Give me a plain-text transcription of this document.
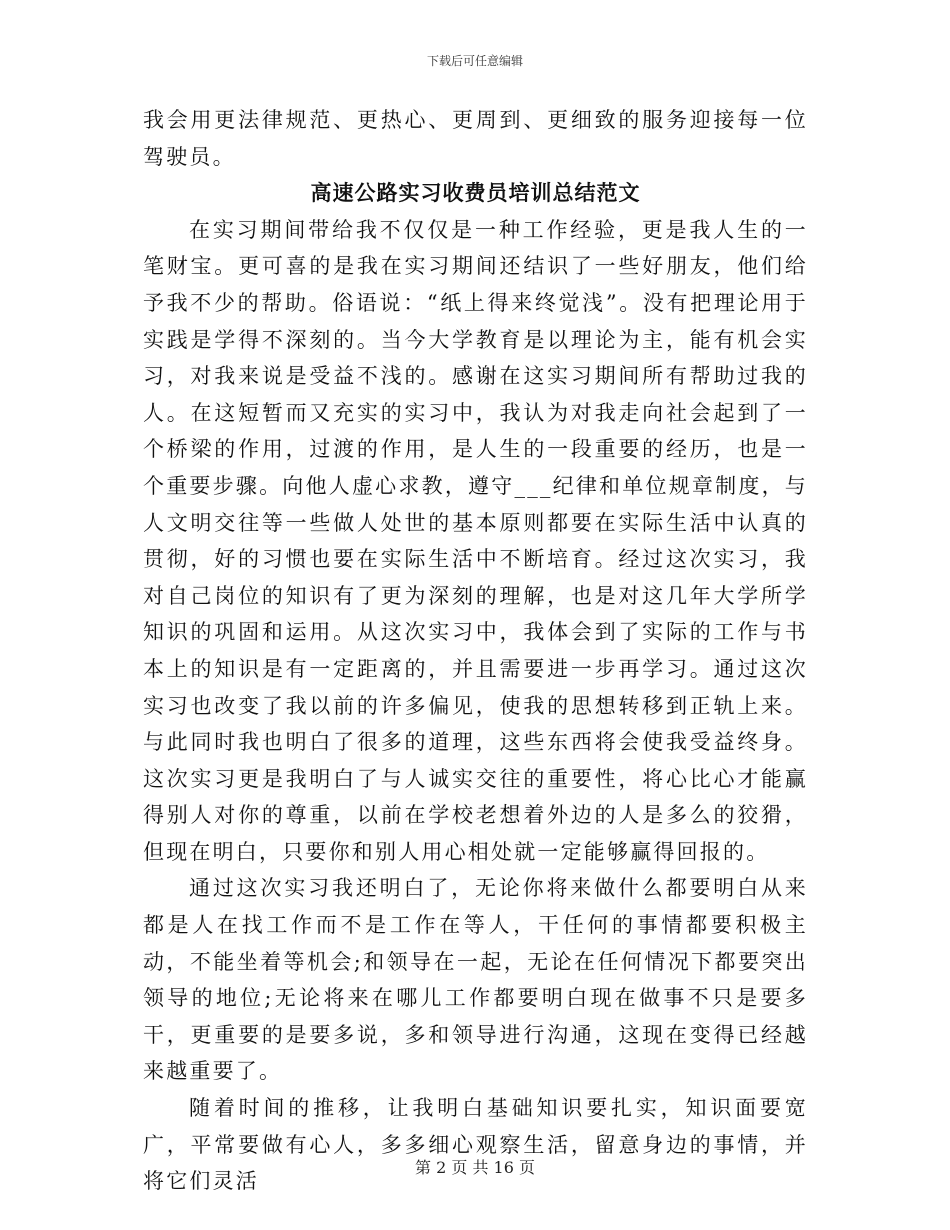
下载后可任意编辑

我会用更法律规范、更热心、更周到、更细致的服务迎接每一位驾驶员。

高速公路实习收费员培训总结范文

在实习期间带给我不仅仅是一种工作经验，更是我人生的一笔财宝。更可喜的是我在实习期间还结识了一些好朋友，他们给予我不少的帮助。俗语说：“纸上得来终觉浅”。没有把理论用于实践是学得不深刻的。当今大学教育是以理论为主，能有机会实习，对我来说是受益不浅的。感谢在这实习期间所有帮助过我的人。在这短暂而又充实的实习中，我认为对我走向社会起到了一个桥梁的作用，过渡的作用，是人生的一段重要的经历，也是一个重要步骤。向他人虚心求教，遵守___纪律和单位规章制度，与人文明交往等一些做人处世的基本原则都要在实际生活中认真的贯彻，好的习惯也要在实际生活中不断培育。经过这次实习，我对自己岗位的知识有了更为深刻的理解，也是对这几年大学所学知识的巩固和运用。从这次实习中，我体会到了实际的工作与书本上的知识是有一定距离的，并且需要进一步再学习。通过这次实习也改变了我以前的许多偏见，使我的思想转移到正轨上来。与此同时我也明白了很多的道理，这些东西将会使我受益终身。这次实习更是我明白了与人诚实交往的重要性，将心比心才能赢得别人对你的尊重，以前在学校老想着外边的人是多么的狡猾，但现在明白，只要你和别人用心相处就一定能够赢得回报的。

通过这次实习我还明白了，无论你将来做什么都要明白从来都是人在找工作而不是工作在等人，干任何的事情都要积极主动，不能坐着等机会;和领导在一起，无论在任何情况下都要突出领导的地位;无论将来在哪儿工作都要明白现在做事不只是要多干，更重要的是要多说，多和领导进行沟通，这现在变得已经越来越重要了。

随着时间的推移，让我明白基础知识要扎实，知识面要宽广，平常要做有心人，多多细心观察生活，留意身边的事情，并将它们灵活

第 2 页 共 16 页
